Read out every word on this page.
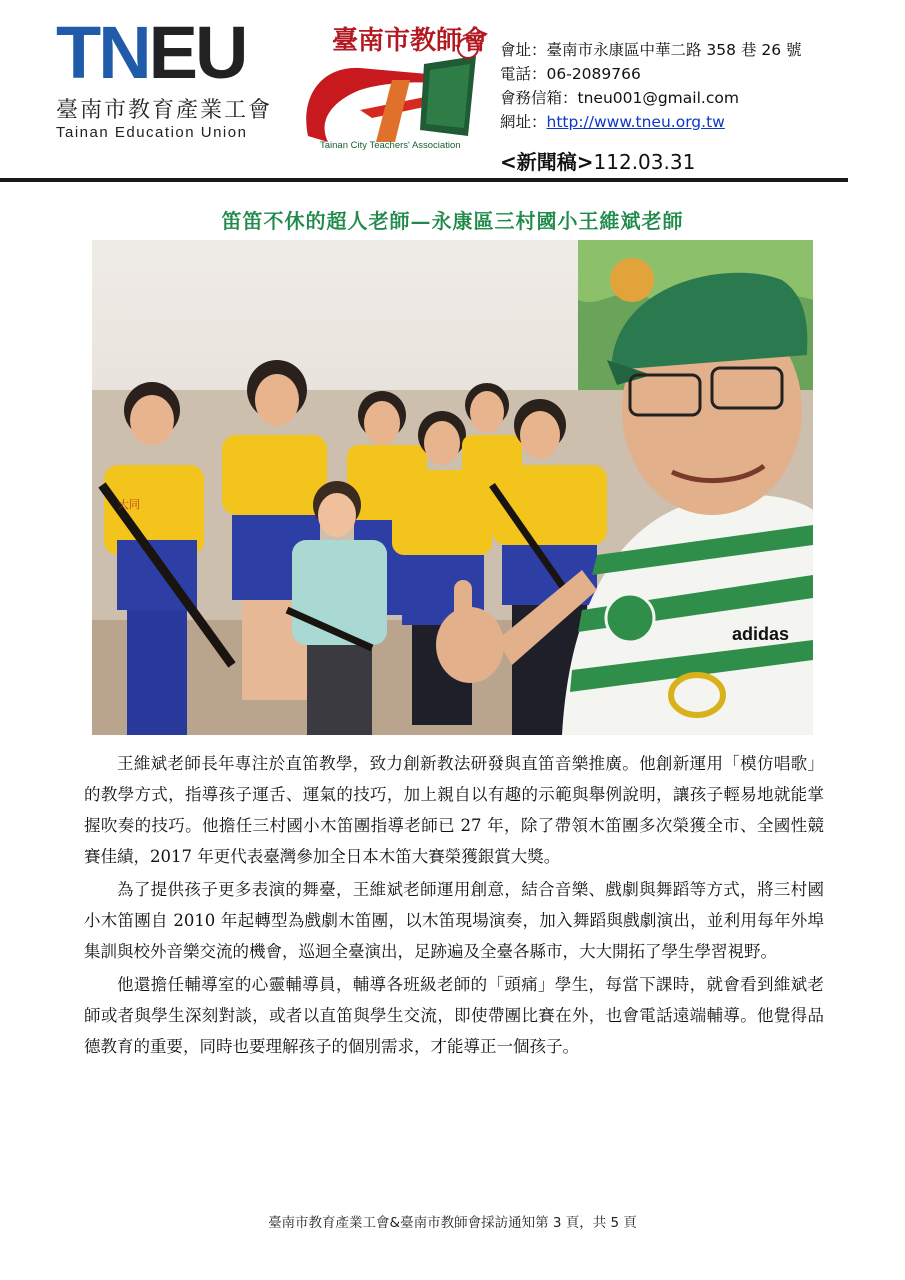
TNEU
臺南市教育產業工會
Tainan Education Union
臺南市教師會
Tainan City Teachers' Association
會址：臺南市永康區中華二路 358 巷 26 號
電話：06-2089766
會務信箱：tneu001@gmail.com
網址：http://www.tneu.org.tw
<新聞稿>112.03.31
笛笛不休的超人老師—永康區三村國小王維斌老師
adidas
大同

王維斌老師長年專注於直笛教學，致力創新教法研發與直笛音樂推廣。他創新運用「模仿唱歌」的教學方式，指導孩子運舌、運氣的技巧，加上親自以有趣的示範與舉例說明，讓孩子輕易地就能掌握吹奏的技巧。他擔任三村國小木笛團指導老師已 27 年，除了帶領木笛團多次榮獲全市、全國性競賽佳績，2017 年更代表臺灣參加全日本木笛大賽榮獲銀賞大獎。

為了提供孩子更多表演的舞臺，王維斌老師運用創意，結合音樂、戲劇與舞蹈等方式，將三村國小木笛團自 2010 年起轉型為戲劇木笛團，以木笛現場演奏，加入舞蹈與戲劇演出，並利用每年外埠集訓與校外音樂交流的機會，巡迴全臺演出，足跡遍及全臺各縣市，大大開拓了學生學習視野。

他還擔任輔導室的心靈輔導員，輔導各班級老師的「頭痛」學生，每當下課時，就會看到維斌老師或者與學生深刻對談，或者以直笛與學生交流，即使帶團比賽在外，也會電話遠端輔導。他覺得品德教育的重要，同時也要理解孩子的個別需求，才能導正一個孩子。

臺南市教育產業工會&臺南市教師會採訪通知第 3 頁，共 5 頁
